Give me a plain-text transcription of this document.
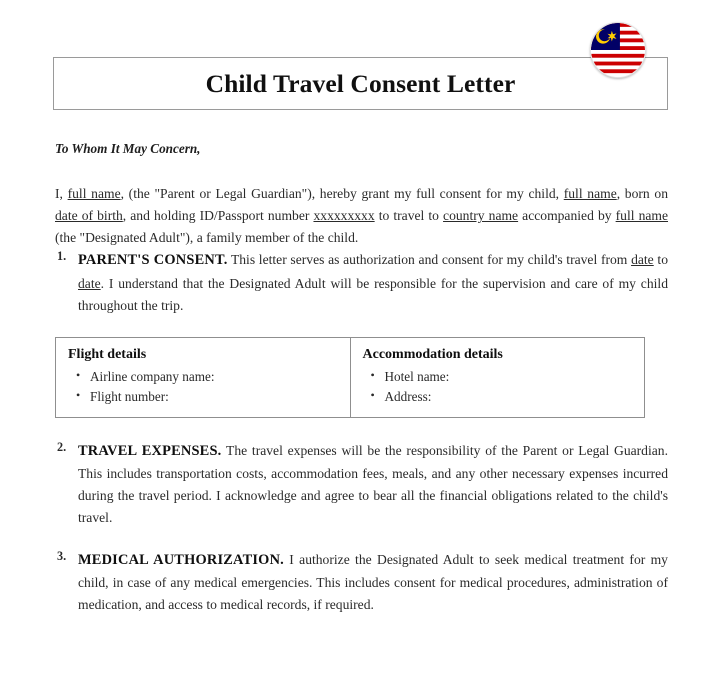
Child Travel Consent Letter
To Whom It May Concern,

I, full name, (the "Parent or Legal Guardian"), hereby grant my full consent for my child, full name, born on date of birth, and holding ID/Passport number xxxxxxxxx to travel to country name accompanied by full name (the "Designated Adult"), a family member of the child.

1. PARENT'S CONSENT. This letter serves as authorization and consent for my child's travel from date to date. I understand that the Designated Adult will be responsible for the supervision and care of my child throughout the trip.
Flight details
• Airline company name:
• Flight number:

Accommodation details
• Hotel name:
• Address:
2. TRAVEL EXPENSES. The travel expenses will be the responsibility of the Parent or Legal Guardian. This includes transportation costs, accommodation fees, meals, and any other necessary expenses incurred during the travel period. I acknowledge and agree to bear all the financial obligations related to the child's travel.
3. MEDICAL AUTHORIZATION. I authorize the Designated Adult to seek medical treatment for my child, in case of any medical emergencies. This includes consent for medical procedures, administration of medication, and access to medical records, if required.
